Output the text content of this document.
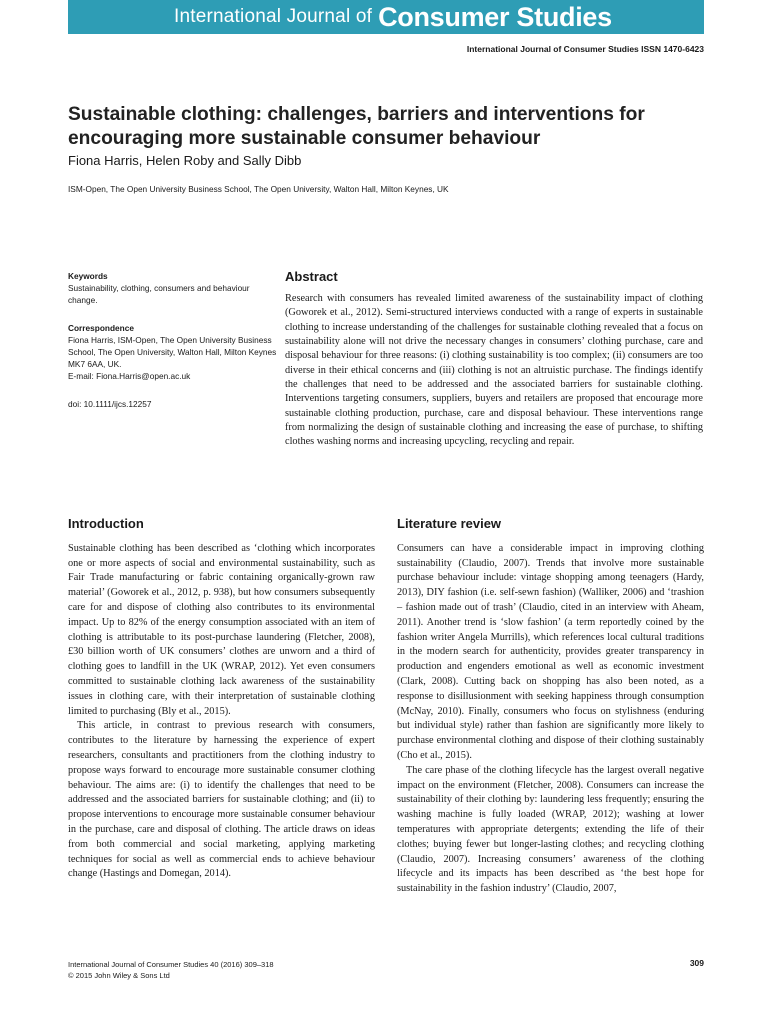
International Journal of Consumer Studies
International Journal of Consumer Studies ISSN 1470-6423
Sustainable clothing: challenges, barriers and interventions for encouraging more sustainable consumer behaviour
Fiona Harris, Helen Roby and Sally Dibb
ISM-Open, The Open University Business School, The Open University, Walton Hall, Milton Keynes, UK

Keywords

Sustainability, clothing, consumers and behaviour change.

Correspondence

Fiona Harris, ISM-Open, The Open University Business School, The Open University, Walton Hall, Milton Keynes MK7 6AA, UK.

E-mail: Fiona.Harris@open.ac.uk

doi: 10.1111/ijcs.12257

Abstract

Research with consumers has revealed limited awareness of the sustainability impact of clothing (Goworek et al., 2012). Semi-structured interviews conducted with a range of experts in sustainable clothing to increase understanding of the challenges for sustainable clothing revealed that a focus on sustainability alone will not drive the necessary changes in consumers’ clothing purchase, care and disposal behaviour for three reasons: (i) clothing sustainability is too complex; (ii) consumers are too diverse in their ethical concerns and (iii) clothing is not an altruistic purchase. The findings identify the challenges that need to be addressed and the associated barriers for sustainable clothing. Interventions targeting consumers, suppliers, buyers and retailers are proposed that encourage more sustainable clothing production, purchase, care and disposal behaviour. These interventions range from normalizing the design of sustainable clothing and increasing the ease of purchase, to shifting clothes washing norms and increasing upcycling, recycling and repair.

Introduction

Sustainable clothing has been described as ‘clothing which incorporates one or more aspects of social and environmental sustainability, such as Fair Trade manufacturing or fabric containing organically-grown raw material’ (Goworek et al., 2012, p. 938), but how consumers subsequently care for and dispose of clothing also contributes to its environmental impact. Up to 82% of the energy consumption associated with an item of clothing is attributable to its post-purchase laundering (Fletcher, 2008), £30 billion worth of UK consumers’ clothes are unworn and a third of clothing goes to landfill in the UK (WRAP, 2012). Yet even consumers committed to sustainable clothing lack awareness of the sustainability issues in clothing care, with their interpretation of sustainable clothing limited to purchasing (Bly et al., 2015).

This article, in contrast to previous research with consumers, contributes to the literature by harnessing the experience of expert researchers, consultants and practitioners from the clothing industry to propose ways forward to encourage more sustainable consumer clothing behaviour. The aims are: (i) to identify the challenges that need to be addressed and the associated barriers for sustainable clothing; and (ii) to propose interventions to encourage more sustainable consumer behaviour in the purchase, care and disposal of clothing. The article draws on ideas from both commercial and social marketing, applying marketing techniques for social as well as commercial ends to achieve behaviour change (Hastings and Domegan, 2014).

Literature review

Consumers can have a considerable impact in improving clothing sustainability (Claudio, 2007). Trends that involve more sustainable purchase behaviour include: vintage shopping among teenagers (Hardy, 2013), DIY fashion (i.e. self-sewn fashion) (Walliker, 2006) and ‘trashion – fashion made out of trash’ (Claudio, cited in an interview with Aheam, 2011). Another trend is ‘slow fashion’ (a term reportedly coined by the fashion writer Angela Murrills), which references local cultural traditions in the modern search for authenticity, provides greater transparency in production and engenders emotional as well as economic investment (Clark, 2008). Cutting back on shopping has also been noted, as a response to disillusionment with seeking happiness through consumption (McNay, 2010). Finally, consumers who focus on stylishness (enduring but individual style) rather than fashion are significantly more likely to purchase environmental clothing and dispose of their clothing sustainably (Cho et al., 2015).

The care phase of the clothing lifecycle has the largest overall negative impact on the environment (Fletcher, 2008). Consumers can increase the sustainability of their clothing by: laundering less frequently; ensuring the washing machine is fully loaded (WRAP, 2012); washing at lower temperatures with appropriate detergents; extending the life of their clothes; buying fewer but longer-lasting clothes; and recycling clothing (Claudio, 2007). Increasing consumers’ awareness of the clothing lifecycle and its impacts has been described as ‘the best hope for sustainability in the fashion industry’ (Claudio, 2007,

International Journal of Consumer Studies 40 (2016) 309–318
© 2015 John Wiley & Sons Ltd
309
